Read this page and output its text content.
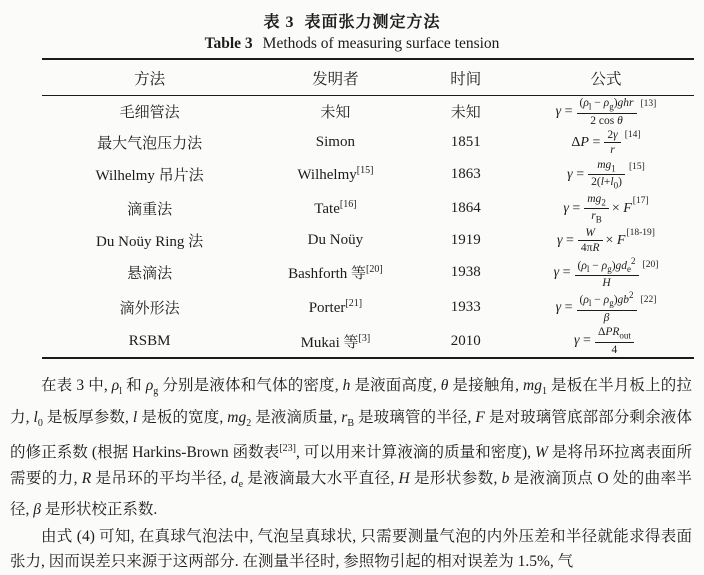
表 3 表面张力测定方法
Table 3 Methods of measuring surface tension
方法	发明者	时间	公式
毛细管法	未知	未知	$\gamma = \frac{(\rho_l - \rho_g)ghr}{\text{2 cos θ}} [13]$

最大气泡压力法	Simon	1851	$\Delta P = \frac{2\gamma}{r} [14]$

Wilhelmy 吊片法	Wilhelmy[15]	1863	$\gamma = \frac{mg_1}{2(l+l_0)} [15]$

滴重法	Tate[16]	1864	$\gamma = \frac{mg_2}{r_B} \times F$ [17]

Du Noüy Ring 法	Du Noüy	1919	$\gamma = \frac{W}{4\pi R} \times F$ [18-19]

悬滴法	Bashforth 等[20]	1938	$\gamma = \frac{(\rho_l - \rho_g)gd_e^2}{H} [20]$

滴外形法	Porter[21]	1933	$\gamma = \frac{(\rho_l - \rho_g)gb^2}{\beta} [22]$

RSBM	Mukai 等[3]	2010	$\gamma = \frac{\Delta PR_{out}}{4}$

在表 3 中, $\rho_l$ 和 $\rho_g$ 分别是液体和气体的密度, h 是液面高度, θ 是接触角, $mg_1$ 是板在半月板上的拉力, $l_0$ 是板厚参数, l 是板的宽度, $mg_2$ 是液滴质量, $r_B$ 是玻璃管的半径, F 是对玻璃管底部部分剩余液体的修正系数 (根据 Harkins-Brown 函数表[23], 可以用来计算液滴的质量和密度), W 是将吊环拉离表面所需要的力, R 是吊环的平均半径, $d_e$ 是液滴最大水平直径, H 是形状参数, b 是液滴顶点 O 处的曲率半径, β 是形状校正系数.

由式 (4) 可知, 在真球气泡法中, 气泡呈真球状, 只需要测量气泡的内外压差和半径就能求得表面张力, 因而误差只来源于这两部分. 在测量半径时, 参照物引起的相对误差为 1.5%, 气
